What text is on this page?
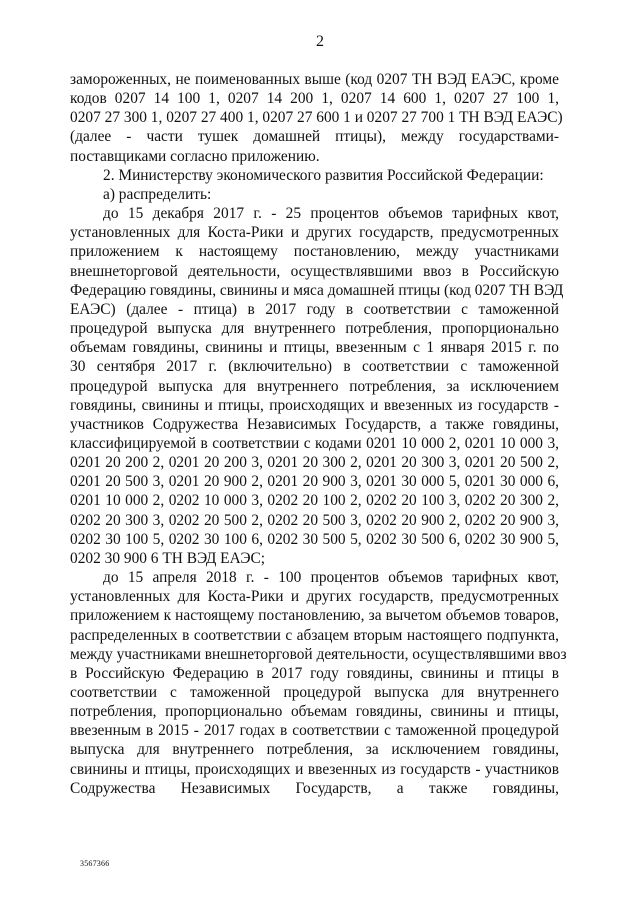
2

замороженных, не поименованных выше (код 0207 ТН ВЭД ЕАЭС, кроме
кодов 0207 14 100 1, 0207 14 200 1, 0207 14 600 1, 0207 27 100 1,
0207 27 300 1, 0207 27 400 1, 0207 27 600 1 и 0207 27 700 1 ТН ВЭД ЕАЭС)
(далее - части тушек домашней птицы), между государствами-
поставщиками согласно приложению.

2. Министерству экономического развития Российской Федерации:

а) распределить:

до 15 декабря 2017 г. - 25 процентов объемов тарифных квот,
установленных для Коста-Рики и других государств, предусмотренных
приложением к настоящему постановлению, между участниками
внешнеторговой деятельности, осуществлявшими ввоз в Российскую
Федерацию говядины, свинины и мяса домашней птицы (код 0207 ТН ВЭД
ЕАЭС) (далее - птица) в 2017 году в соответствии с таможенной
процедурой выпуска для внутреннего потребления, пропорционально
объемам говядины, свинины и птицы, ввезенным с 1 января 2015 г. по
30 сентября 2017 г. (включительно) в соответствии с таможенной
процедурой выпуска для внутреннего потребления, за исключением
говядины, свинины и птицы, происходящих и ввезенных из государств -
участников Содружества Независимых Государств, а также говядины,
классифицируемой в соответствии с кодами 0201 10 000 2, 0201 10 000 3,
0201 20 200 2, 0201 20 200 3, 0201 20 300 2, 0201 20 300 3, 0201 20 500 2,
0201 20 500 3, 0201 20 900 2, 0201 20 900 3, 0201 30 000 5, 0201 30 000 6,
0201 10 000 2, 0202 10 000 3, 0202 20 100 2, 0202 20 100 3, 0202 20 300 2,
0202 20 300 3, 0202 20 500 2, 0202 20 500 3, 0202 20 900 2, 0202 20 900 3,
0202 30 100 5, 0202 30 100 6, 0202 30 500 5, 0202 30 500 6, 0202 30 900 5,
0202 30 900 6 ТН ВЭД ЕАЭС;

до 15 апреля 2018 г. - 100 процентов объемов тарифных квот,
установленных для Коста-Рики и других государств, предусмотренных
приложением к настоящему постановлению, за вычетом объемов товаров,
распределенных в соответствии с абзацем вторым настоящего подпункта,
между участниками внешнеторговой деятельности, осуществлявшими ввоз
в Российскую Федерацию в 2017 году говядины, свинины и птицы в
соответствии с таможенной процедурой выпуска для внутреннего
потребления, пропорционально объемам говядины, свинины и птицы,
ввезенным в 2015 - 2017 годах в соответствии с таможенной процедурой
выпуска для внутреннего потребления, за исключением говядины,
свинины и птицы, происходящих и ввезенных из государств - участников
Содружества Независимых Государств, а также говядины,

3567366
